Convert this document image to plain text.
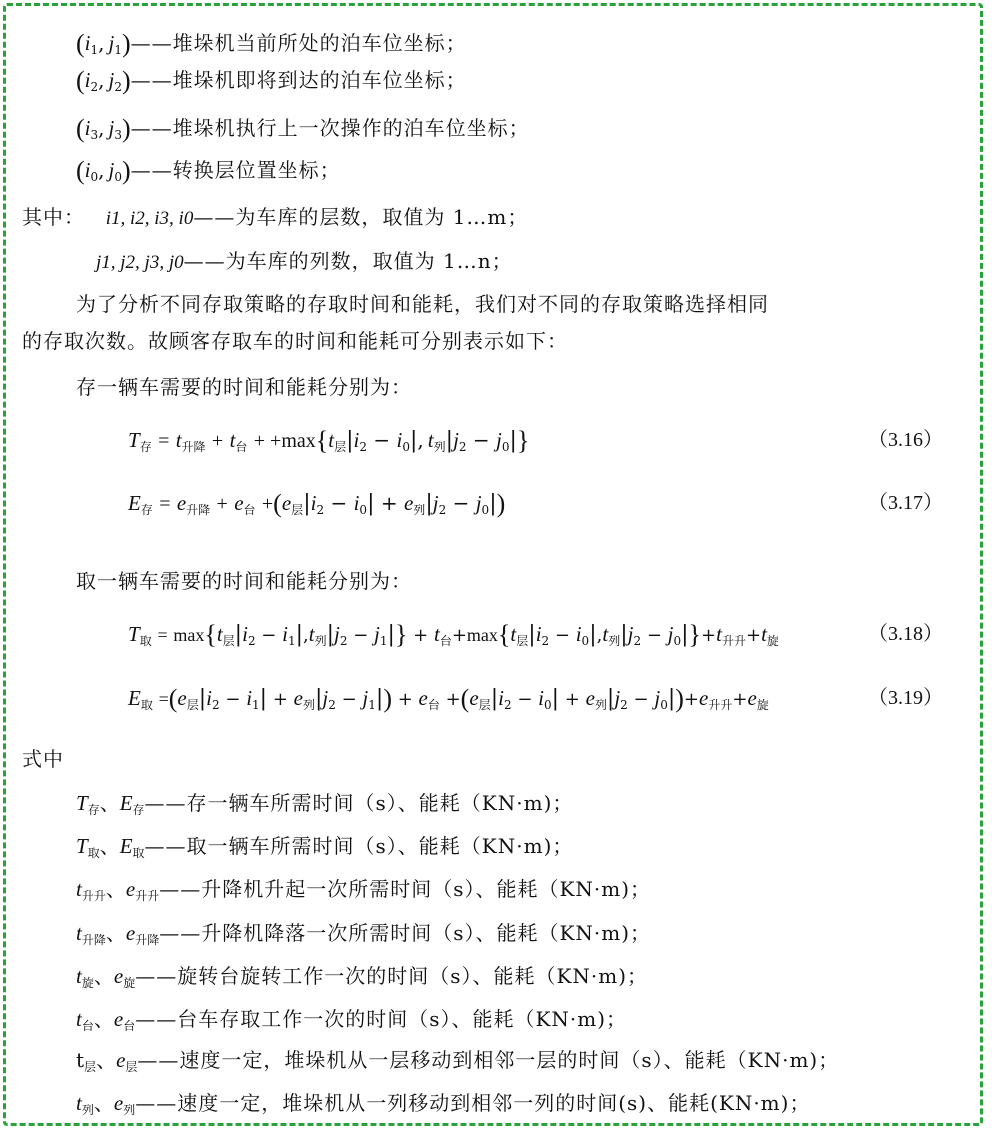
($i_1$, $j_1)——$堆垛机当前所处的泊车位坐标；
($i_2$, $j_2)——$堆垛机即将到达的泊车位坐标；
($i_3$, $j_3)——$堆垛机执行上一次操作的泊车位坐标；
($i_0$, $j_0)——$转换层位置坐标；
其中： i1, i2, i3, i0——为车库的层数，取值为 1…m；
j1, j2, j3, j0——为车库的列数，取值为 1…n；
为了分析不同存取策略的存取时间和能耗，我们对不同的存取策略选择相同
的存取次数。故顾客存取车的时间和能耗可分别表示如下：
存一辆车需要的时间和能耗分别为：
$T_存 = t_{升降} + t_台 + +\max\{t_层|i_2 - i_0|$, $t_列|j_2 - j_0|$}	（3.16）
$E_存 = e_{升降} + e_台 +(e_层|i_2 - i_0| + e_列|j_2 - j_0|)$	（3.17）
取一辆车需要的时间和能耗分别为：
$T_取 = \max\{t_层|i_2 - i_1|,t_列|j_2 - j_1|\} + t_台+\max\{t_层|i_2 - i_0|,t_列|j_2 - j_0|\}+t_{升升}+t_旋$	（3.18）
$E_取 =(e_层|i_2 - i_1| + e_列|j_2 - j_1|) + e_台 +(e_层|i_2 - i_0| + e_列|j_2 - j_0|)+e_{升升}+e_旋$	（3.19）
式中
$T_存$、$E_存——$存一辆车所需时间（s）、能耗（KN·m)；
$T_取$、$E_取——$取一辆车所需时间（s）、能耗（KN·m)；
$t_{升升}$、$e_{升升}——$升降机升起一次所需时间（s）、能耗（KN·m)；
$t_{升降}$、$e_{升降}——$升降机降落一次所需时间（s）、能耗（KN·m)；
$t_旋$、$e_旋——$旋转台旋转工作一次的时间（s）、能耗（KN·m)；
$t_台$、$e_台——$台车存取工作一次的时间（s）、能耗（KN·m)；
$t_层$、$e_层——$速度一定，堆垛机从一层移动到相邻一层的时间（s）、能耗（KN·m)；
$t_列$、$e_列——$速度一定，堆垛机从一列移动到相邻一列的时间(s)、能耗(KN·m)；
